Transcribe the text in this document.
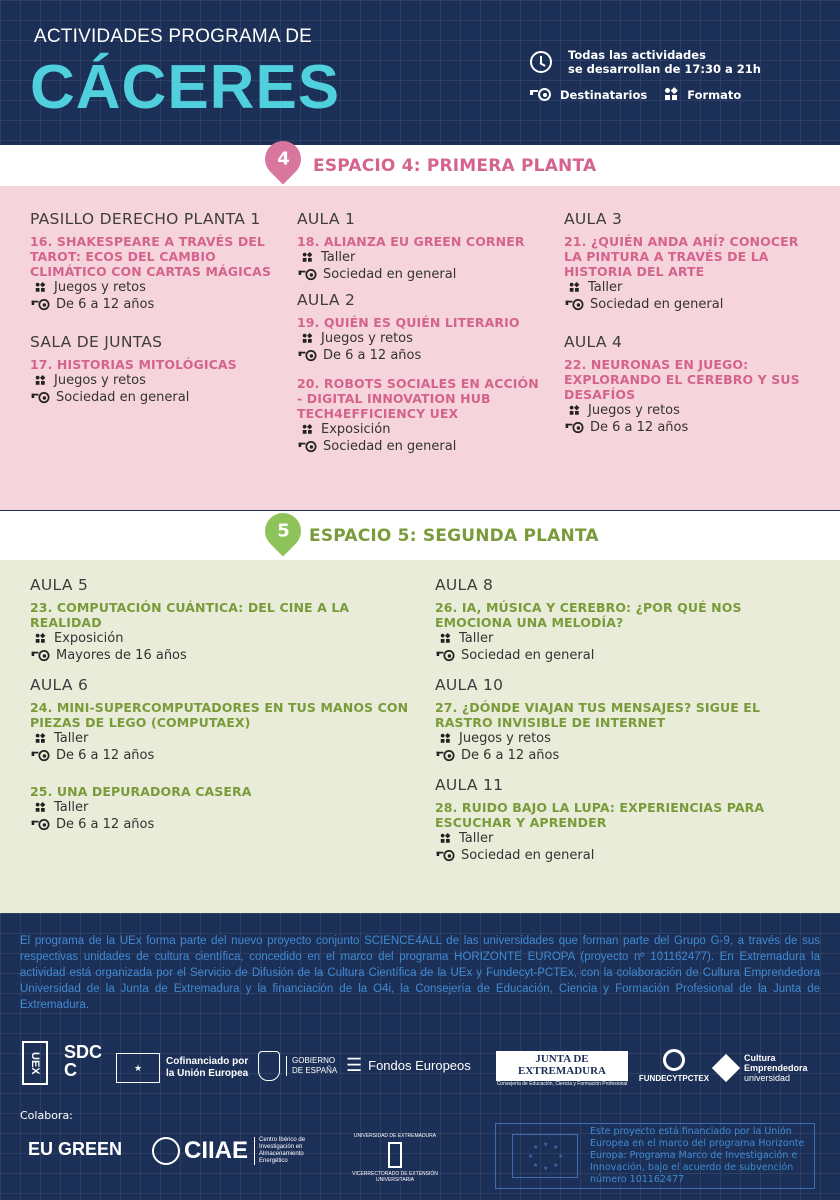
ACTIVIDADES PROGRAMA DE
CÁCERES	Todas las actividades
se desarrollan de 17:30 a 21h
Destinatarios	Formato
4 ESPACIO 4: PRIMERA PLANTA
PASILLO DERECHO PLANTA 1
16. SHAKESPEARE A TRAVÉS DEL TAROT: ECOS DEL CAMBIO CLIMÁTICO CON CARTAS MÁGICAS
Juegos y retos
De 6 a 12 años
SALA DE JUNTAS
17. HISTORIAS MITOLÓGICAS
Juegos y retos
Sociedad en general
AULA 1
18. ALIANZA EU GREEN CORNER
Taller
Sociedad en general
AULA 2
19. QUIÉN ES QUIÉN LITERARIO
Juegos y retos
De 6 a 12 años
20. ROBOTS SOCIALES EN ACCIÓN - DIGITAL INNOVATION HUB TECH4EFFICIENCY UEX
Exposición
Sociedad en general
AULA 3
21. ¿QUIÉN ANDA AHÍ? CONOCER LA PINTURA A TRAVÉS DE LA HISTORIA DEL ARTE
Taller
Sociedad en general
AULA 4
22. NEURONAS EN JUEGO: EXPLORANDO EL CEREBRO Y SUS DESAFÍOS
Juegos y retos
De 6 a 12 años
5 ESPACIO 5: SEGUNDA PLANTA
AULA 5
23. COMPUTACIÓN CUÁNTICA: DEL CINE A LA REALIDAD
Exposición
Mayores de 16 años
AULA 6
24. MINI-SUPERCOMPUTADORES EN TUS MANOS CON PIEZAS DE LEGO (COMPUTAEX)
Taller
De 6 a 12 años
25. UNA DEPURADORA CASERA
Taller
De 6 a 12 años
AULA 8
26. IA, MÚSICA Y CEREBRO: ¿POR QUÉ NOS EMOCIONA UNA MELODÍA?
Taller
Sociedad en general
AULA 10
27. ¿DÓNDE VIAJAN TUS MENSAJES? SIGUE EL RASTRO INVISIBLE DE INTERNET
Juegos y retos
De 6 a 12 años
AULA 11
28. RUIDO BAJO LA LUPA: EXPERIENCIAS PARA ESCUCHAR Y APRENDER
Taller
Sociedad en general
El programa de la UEx forma parte del nuevo proyecto conjunto SCIENCE4ALL de las universidades que forman parte del Grupo G-9, a través de sus respectivas unidades de cultura científica, concedido en el marco del programa HORIZONTE EUROPA (proyecto nº 101162477). En Extremadura la actividad está organizada por el Servicio de Difusión de la Cultura Científica de la UEx y Fundecyt-PCTEx, con la colaboración de Cultura Emprendedora Universidad de la Junta de Extremadura y la financiación de la O4i, la Consejería de Educación, Ciencia y Formación Profesional de la Junta de Extremadura.
UEX	SDCC	★
Cofinanciado por
la Unión Europea
GOBIERNO
DE ESPAÑA ☰ Fondos Europeos	JUNTA DE EXTREMADURA
Consejería de Educación, Ciencia y Formación Profesional
FUNDECYTPCTEX
Cultura
Emprendedora
universidad
Colabora:
EU GREEN	CIIAE	Centro Ibérico de Investigación en Almacenamiento Energético
UNIVERSIDAD DE EXTREMADURA
VICERRECTORADO DE EXTENSIÓN UNIVERSITARIA
★ ★
★
★
★
★
★
★
Este proyecto está financiado por la Unión Europea en el marco del programa Horizonte Europa: Programa Marco de Investigación e Innovación, bajo el acuerdo de subvención número 101162477
